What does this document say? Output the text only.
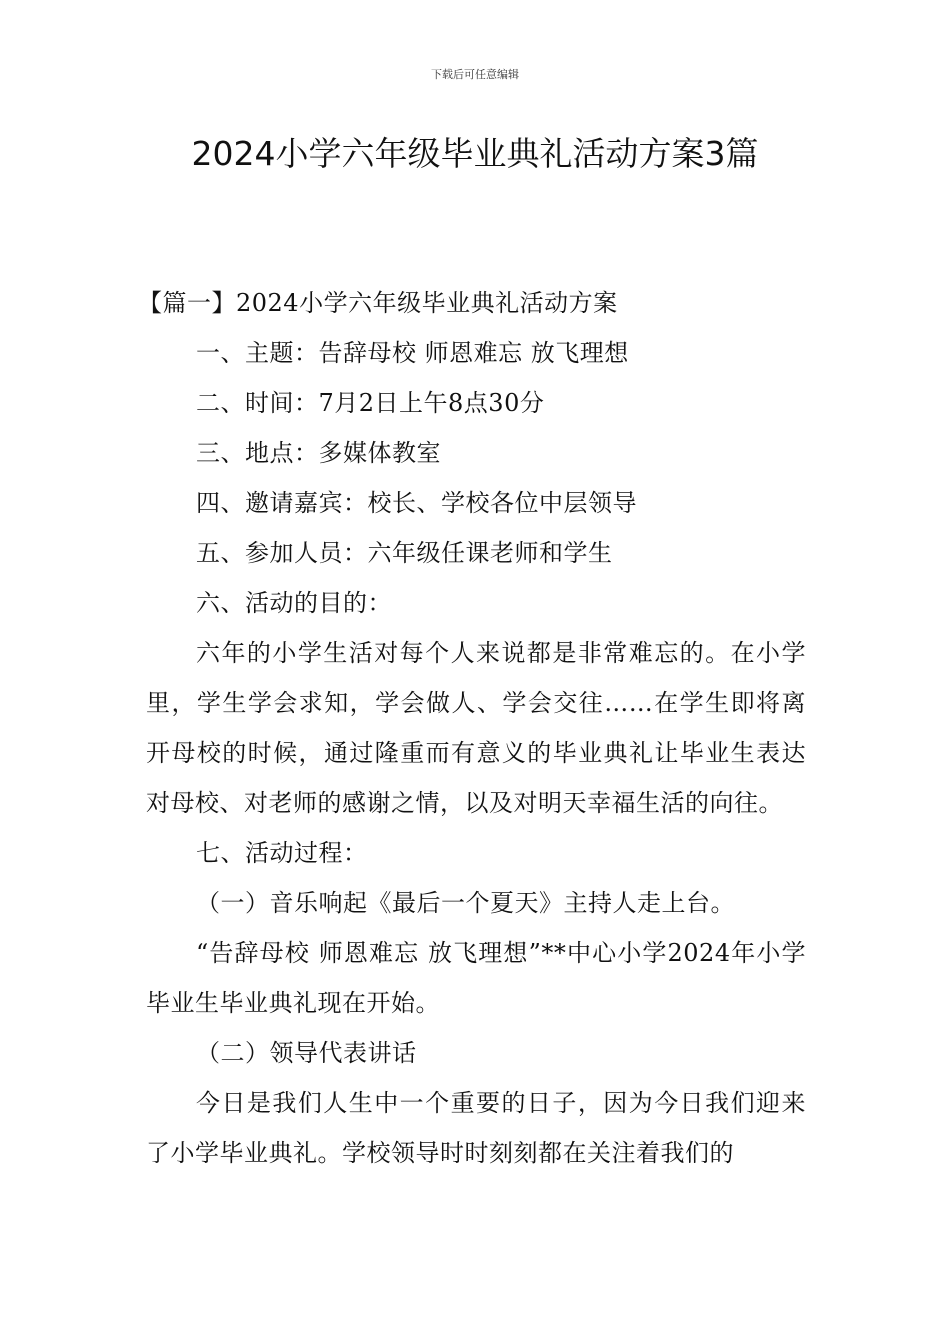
下载后可任意编辑
2024小学六年级毕业典礼活动方案3篇

【篇一】2024小学六年级毕业典礼活动方案

一、主题：告辞母校 师恩难忘 放飞理想

二、时间：7月2日上午8点30分

三、地点：多媒体教室

四、邀请嘉宾：校长、学校各位中层领导

五、参加人员：六年级任课老师和学生

六、活动的目的：

六年的小学生活对每个人来说都是非常难忘的。在小学里，学生学会求知，学会做人、学会交往……在学生即将离开母校的时候，通过隆重而有意义的毕业典礼让毕业生表达对母校、对老师的感谢之情，以及对明天幸福生活的向往。

七、活动过程：

（一）音乐响起《最后一个夏天》主持人走上台。

“告辞母校 师恩难忘 放飞理想”**中心小学2024年小学毕业生毕业典礼现在开始。

（二）领导代表讲话

今日是我们人生中一个重要的日子，因为今日我们迎来了小学毕业典礼。学校领导时时刻刻都在关注着我们的
